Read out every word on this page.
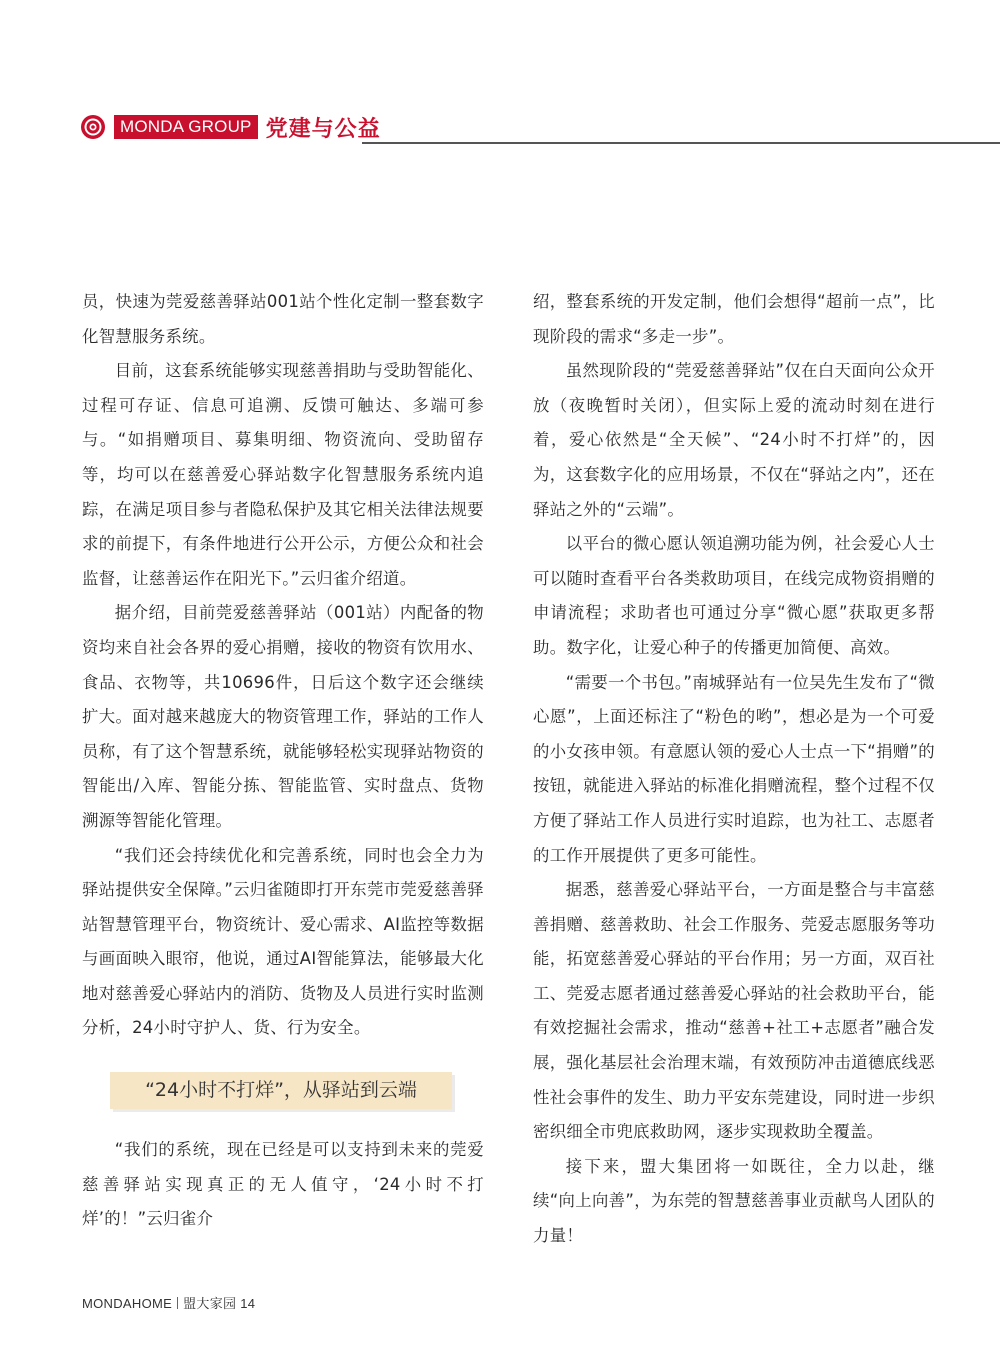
MONDA GROUP 党建与公益

员，快速为莞爱慈善驿站001站个性化定制一整套数字化智慧服务系统。

目前，这套系统能够实现慈善捐助与受助智能化、过程可存证、信息可追溯、反馈可触达、多端可参与。“如捐赠项目、募集明细、物资流向、受助留存等，均可以在慈善爱心驿站数字化智慧服务系统内追踪，在满足项目参与者隐私保护及其它相关法律法规要求的前提下，有条件地进行公开公示，方便公众和社会监督，让慈善运作在阳光下。”云归雀介绍道。

据介绍，目前莞爱慈善驿站（001站）内配备的物资均来自社会各界的爱心捐赠，接收的物资有饮用水、食品、衣物等，共10696件，日后这个数字还会继续扩大。面对越来越庞大的物资管理工作，驿站的工作人员称，有了这个智慧系统，就能够轻松实现驿站物资的智能出/入库、智能分拣、智能监管、实时盘点、货物溯源等智能化管理。

“我们还会持续优化和完善系统，同时也会全力为驿站提供安全保障。”云归雀随即打开东莞市莞爱慈善驿站智慧管理平台，物资统计、爱心需求、AI监控等数据与画面映入眼帘，他说，通过AI智能算法，能够最大化地对慈善爱心驿站内的消防、货物及人员进行实时监测分析，24小时守护人、货、行为安全。

“24小时不打烊”，从驿站到云端

“我们的系统，现在已经是可以支持到未来的莞爱慈善驿站实现真正的无人值守，‘24小时不打烊’的！”云归雀介

绍，整套系统的开发定制，他们会想得“超前一点”，比现阶段的需求“多走一步”。

虽然现阶段的“莞爱慈善驿站”仅在白天面向公众开放（夜晚暂时关闭），但实际上爱的流动时刻在进行着，爱心依然是“全天候”、“24小时不打烊”的，因为，这套数字化的应用场景，不仅在“驿站之内”，还在驿站之外的“云端”。

以平台的微心愿认领追溯功能为例，社会爱心人士可以随时查看平台各类救助项目，在线完成物资捐赠的申请流程；求助者也可通过分享“微心愿”获取更多帮助。数字化，让爱心种子的传播更加简便、高效。

“需要一个书包。”南城驿站有一位吴先生发布了“微心愿”，上面还标注了“粉色的哟”，想必是为一个可爱的小女孩申领。有意愿认领的爱心人士点一下“捐赠”的按钮，就能进入驿站的标准化捐赠流程，整个过程不仅方便了驿站工作人员进行实时追踪，也为社工、志愿者的工作开展提供了更多可能性。

据悉，慈善爱心驿站平台，一方面是整合与丰富慈善捐赠、慈善救助、社会工作服务、莞爱志愿服务等功能，拓宽慈善爱心驿站的平台作用；另一方面，双百社工、莞爱志愿者通过慈善爱心驿站的社会救助平台，能有效挖掘社会需求，推动“慈善+社工+志愿者”融合发展，强化基层社会治理末端，有效预防冲击道德底线恶性社会事件的发生、助力平安东莞建设，同时进一步织密织细全市兜底救助网，逐步实现救助全覆盖。

接下来，盟大集团将一如既往，全力以赴，继续“向上向善”，为东莞的智慧慈善事业贡献鸟人团队的力量！

MONDAHOME 盟大家园 14
